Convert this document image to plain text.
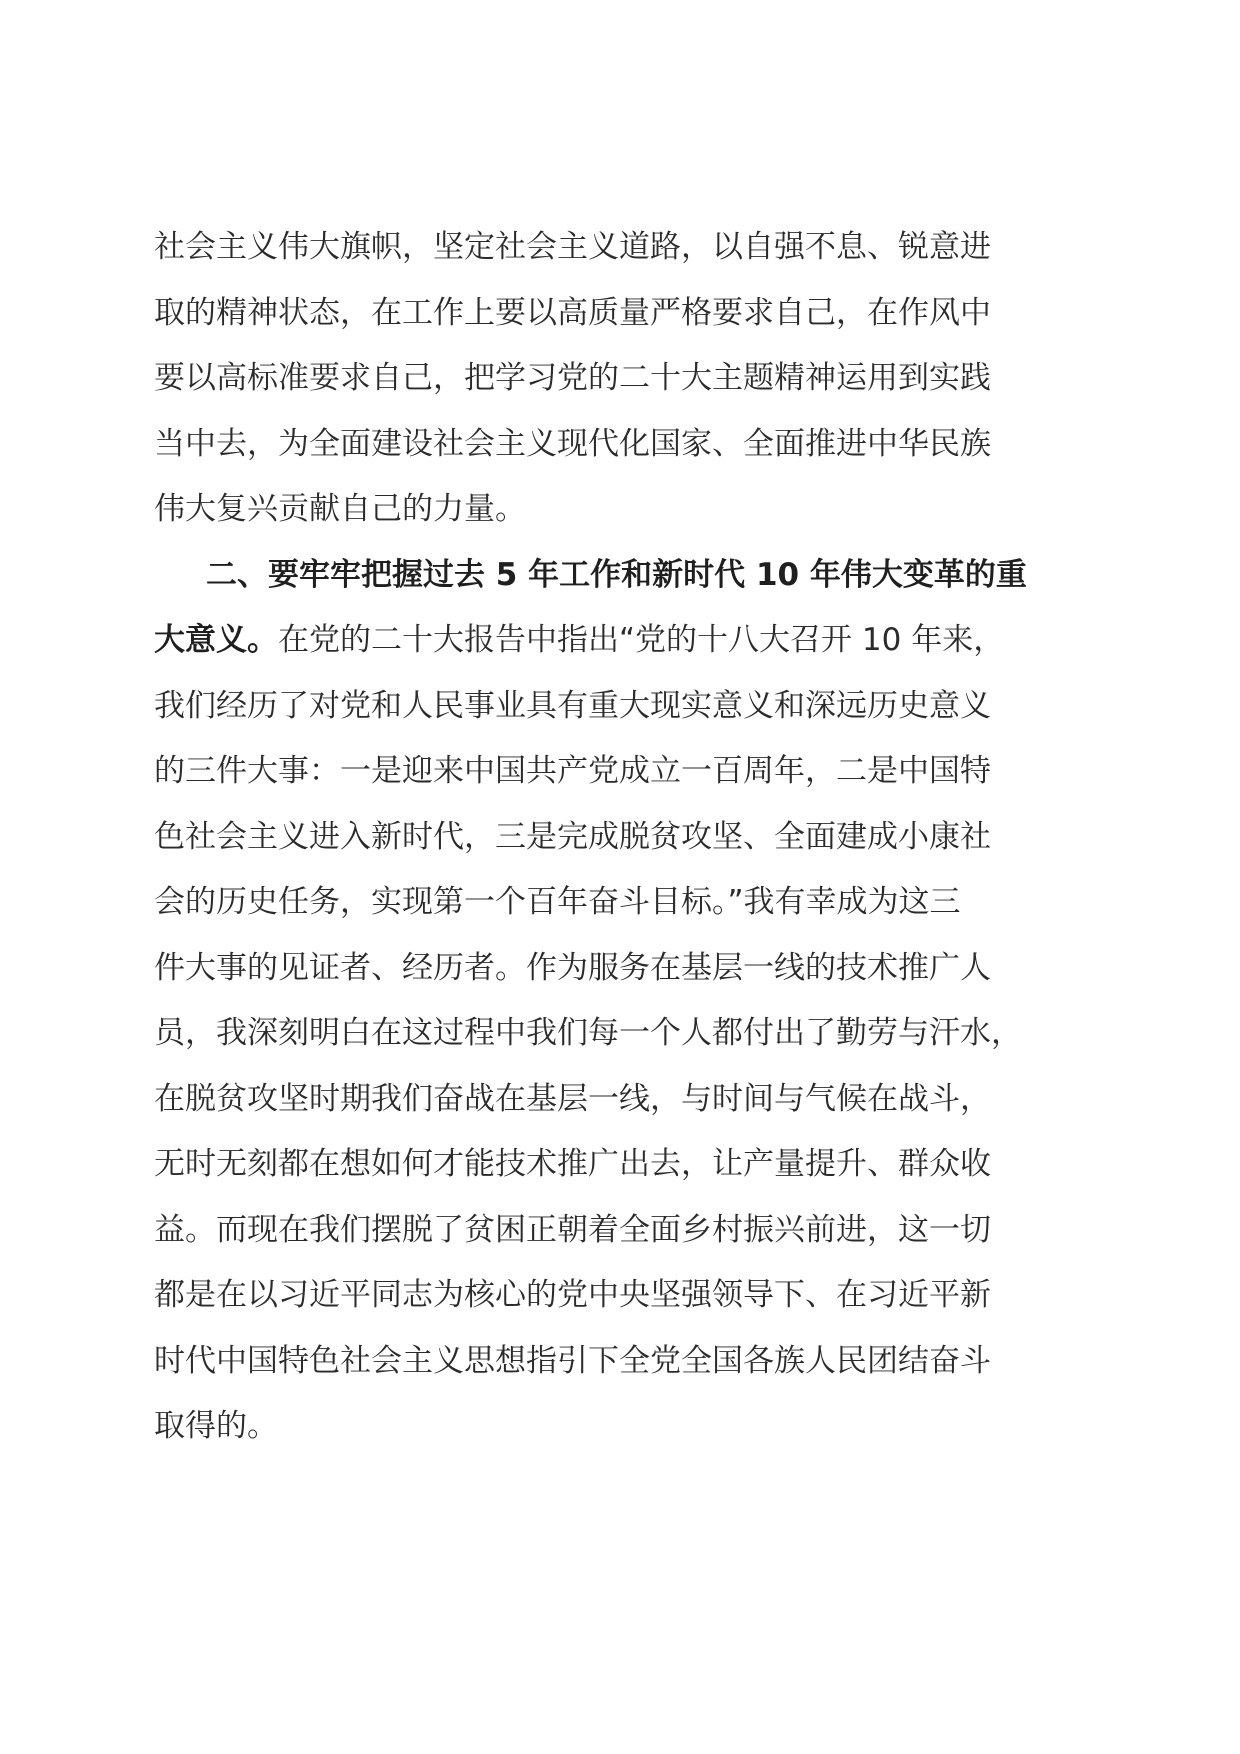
社会主义伟大旗帜，坚定社会主义道路，以自强不息、锐意进
取的精神状态，在工作上要以高质量严格要求自己，在作风中
要以高标准要求自己，把学习党的二十大主题精神运用到实践
当中去，为全面建设社会主义现代化国家、全面推进中华民族
伟大复兴贡献自己的力量。
二、要牢牢把握过去 5 年工作和新时代 10 年伟大变革的重
大意义。在党的二十大报告中指出“党的十八大召开 10 年来，
我们经历了对党和人民事业具有重大现实意义和深远历史意义
的三件大事：一是迎来中国共产党成立一百周年，二是中国特
色社会主义进入新时代，三是完成脱贫攻坚、全面建成小康社
会的历史任务，实现第一个百年奋斗目标。”我有幸成为这三
件大事的见证者、经历者。作为服务在基层一线的技术推广人
员，我深刻明白在这过程中我们每一个人都付出了勤劳与汗水，
在脱贫攻坚时期我们奋战在基层一线，与时间与气候在战斗，
无时无刻都在想如何才能技术推广出去，让产量提升、群众收
益。而现在我们摆脱了贫困正朝着全面乡村振兴前进，这一切
都是在以习近平同志为核心的党中央坚强领导下、在习近平新
时代中国特色社会主义思想指引下全党全国各族人民团结奋斗
取得的。
